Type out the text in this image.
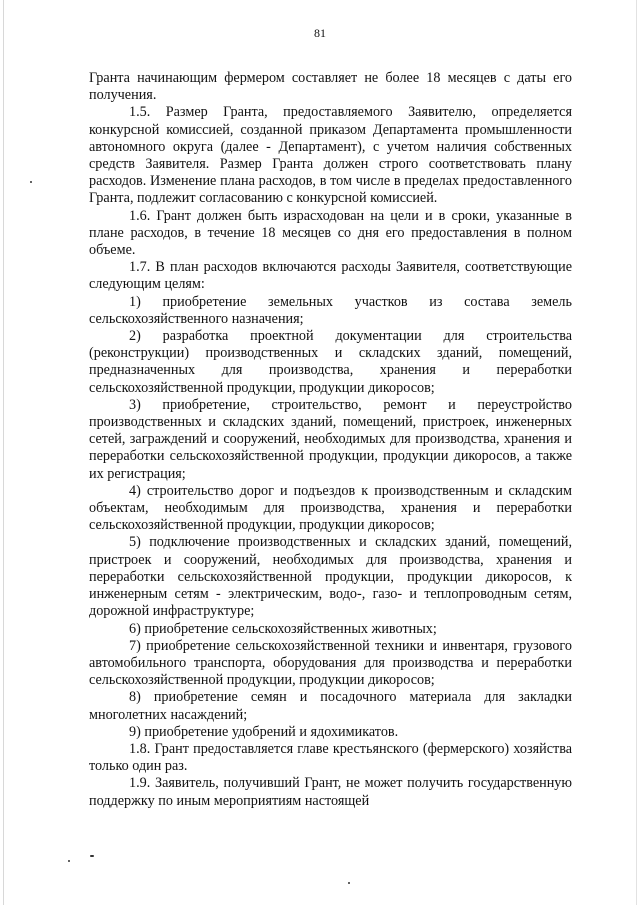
81

Гранта начинающим фермером составляет не более 18 месяцев с даты его получения.

1.5. Размер Гранта, предоставляемого Заявителю, определяется конкурсной комиссией, созданной приказом Департамента промышленности автономного округа (далее - Департамент), с учетом наличия собственных средств Заявителя. Размер Гранта должен строго соответствовать плану расходов. Изменение плана расходов, в том числе в пределах предоставленного Гранта, подлежит согласованию с конкурсной комиссией.

1.6. Грант должен быть израсходован на цели и в сроки, указанные в плане расходов, в течение 18 месяцев со дня его предоставления в полном объеме.

1.7. В план расходов включаются расходы Заявителя, соответствующие следующим целям:

1) приобретение земельных участков из состава земель сельскохозяйственного назначения;

2) разработка проектной документации для строительства (реконструкции) производственных и складских зданий, помещений, предназначенных для производства, хранения и переработки сельскохозяйственной продукции, продукции дикоросов;

3) приобретение, строительство, ремонт и переустройство производственных и складских зданий, помещений, пристроек, инженерных сетей, заграждений и сооружений, необходимых для производства, хранения и переработки сельскохозяйственной продукции, продукции дикоросов, а также их регистрация;

4) строительство дорог и подъездов к производственным и складским объектам, необходимым для производства, хранения и переработки сельскохозяйственной продукции, продукции дикоросов;

5) подключение производственных и складских зданий, помещений, пристроек и сооружений, необходимых для производства, хранения и переработки сельскохозяйственной продукции, продукции дикоросов, к инженерным сетям - электрическим, водо-, газо- и теплопроводным сетям, дорожной инфраструктуре;

6) приобретение сельскохозяйственных животных;

7) приобретение сельскохозяйственной техники и инвентаря, грузового автомобильного транспорта, оборудования для производства и переработки сельскохозяйственной продукции, продукции дикоросов;

8) приобретение семян и посадочного материала для закладки многолетних насаждений;

9) приобретение удобрений и ядохимикатов.

1.8. Грант предоставляется главе крестьянского (фермерского) хозяйства только один раз.

1.9. Заявитель, получивший Грант, не может получить государственную поддержку по иным мероприятиям настоящей
